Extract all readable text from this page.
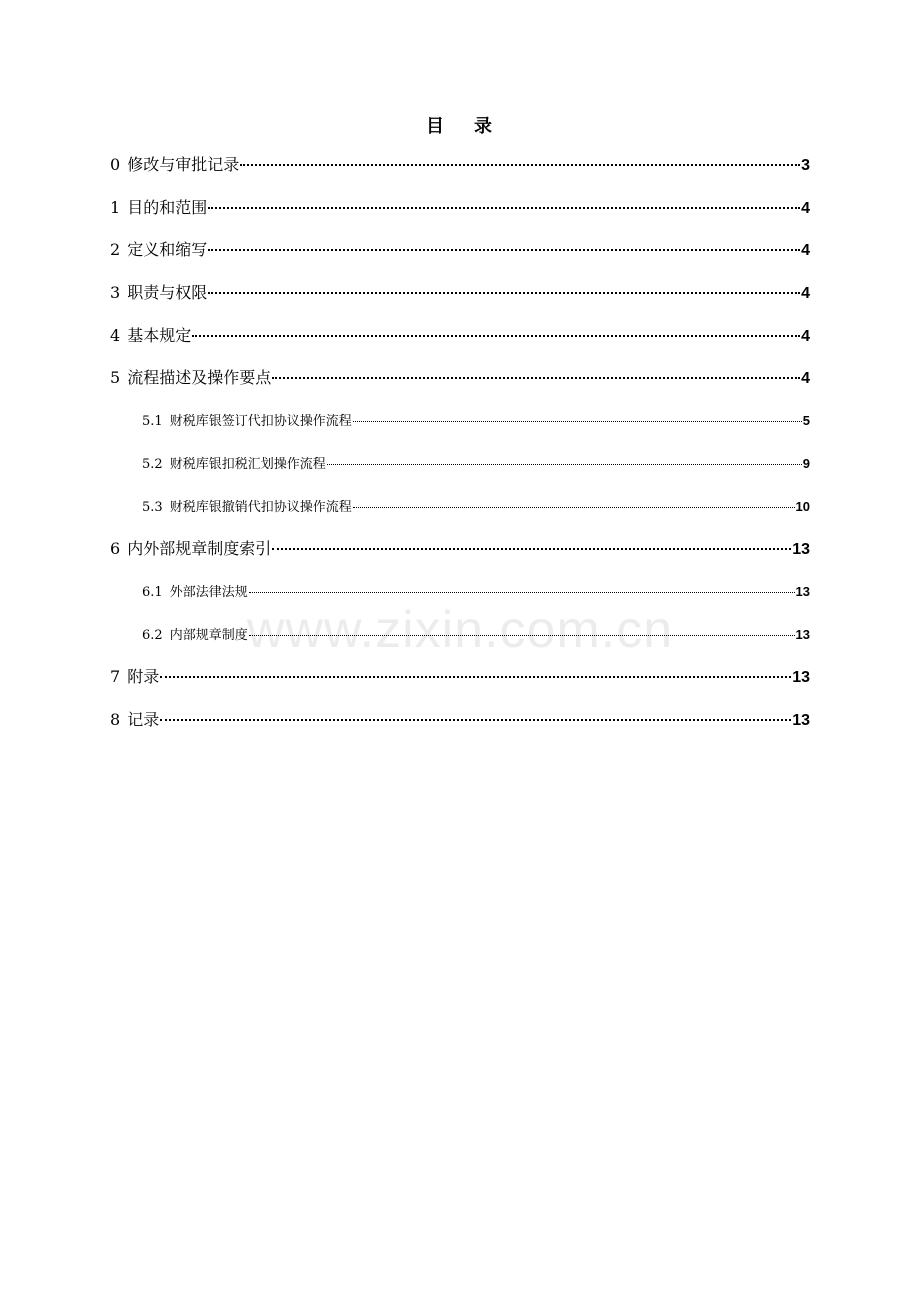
目 录
0 修改与审批记录	3
1 目的和范围	4
2 定义和缩写	4
3 职责与权限	4
4 基本规定	4
5 流程描述及操作要点	4
5.1 财税库银签订代扣协议操作流程	5
5.2 财税库银扣税汇划操作流程	9
5.3 财税库银撤销代扣协议操作流程	10
6 内外部规章制度索引	13
6.1 外部法律法规	13
6.2 内部规章制度	13
7 附录	13
8 记录	13
www.zixin.com.cn
